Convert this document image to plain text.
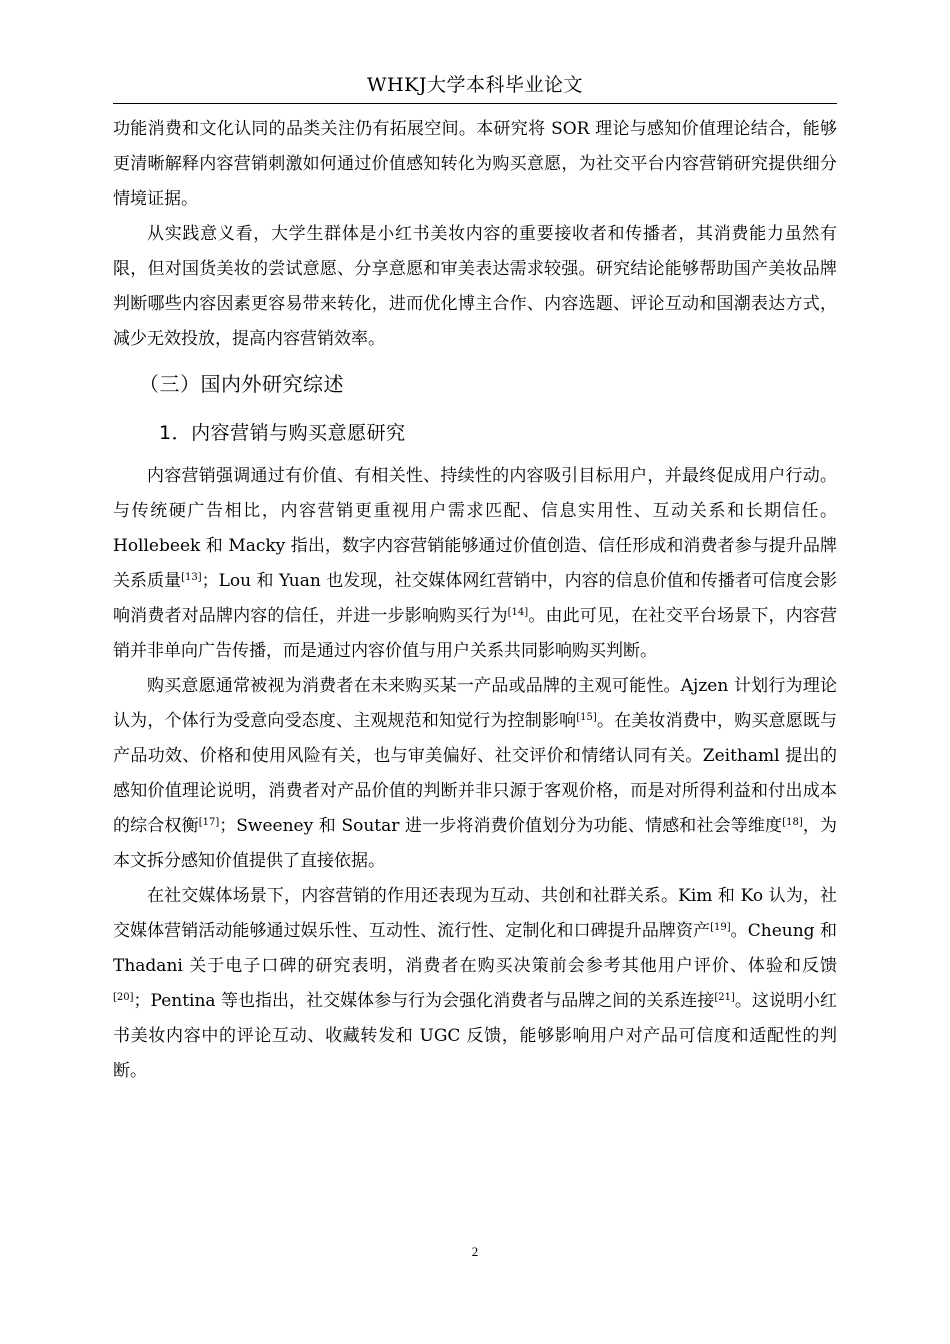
WHKJ大学本科毕业论文

功能消费和文化认同的品类关注仍有拓展空间。本研究将 SOR 理论与感知价值理论结合，能够更清晰解释内容营销刺激如何通过价值感知转化为购买意愿，为社交平台内容营销研究提供细分情境证据。

从实践意义看，大学生群体是小红书美妆内容的重要接收者和传播者，其消费能力虽然有限，但对国货美妆的尝试意愿、分享意愿和审美表达需求较强。研究结论能够帮助国产美妆品牌判断哪些内容因素更容易带来转化，进而优化博主合作、内容选题、评论互动和国潮表达方式，减少无效投放，提高内容营销效率。

（三）国内外研究综述
1．内容营销与购买意愿研究

内容营销强调通过有价值、有相关性、持续性的内容吸引目标用户，并最终促成用户行动。与传统硬广告相比，内容营销更重视用户需求匹配、信息实用性、互动关系和长期信任。Hollebeek 和 Macky 指出，数字内容营销能够通过价值创造、信任形成和消费者参与提升品牌关系质量[13]；Lou 和 Yuan 也发现，社交媒体网红营销中，内容的信息价值和传播者可信度会影响消费者对品牌内容的信任，并进一步影响购买行为[14]。由此可见，在社交平台场景下，内容营销并非单向广告传播，而是通过内容价值与用户关系共同影响购买判断。

购买意愿通常被视为消费者在未来购买某一产品或品牌的主观可能性。Ajzen 计划行为理论认为，个体行为受意向受态度、主观规范和知觉行为控制影响[15]。在美妆消费中，购买意愿既与产品功效、价格和使用风险有关，也与审美偏好、社交评价和情绪认同有关。Zeithaml 提出的感知价值理论说明，消费者对产品价值的判断并非只源于客观价格，而是对所得利益和付出成本的综合权衡[17]；Sweeney 和 Soutar 进一步将消费价值划分为功能、情感和社会等维度[18]，为本文拆分感知价值提供了直接依据。

在社交媒体场景下，内容营销的作用还表现为互动、共创和社群关系。Kim 和 Ko 认为，社交媒体营销活动能够通过娱乐性、互动性、流行性、定制化和口碑提升品牌资产[19]。Cheung 和 Thadani 关于电子口碑的研究表明，消费者在购买决策前会参考其他用户评价、体验和反馈[20]；Pentina 等也指出，社交媒体参与行为会强化消费者与品牌之间的关系连接[21]。这说明小红书美妆内容中的评论互动、收藏转发和 UGC 反馈，能够影响用户对产品可信度和适配性的判断。

2
